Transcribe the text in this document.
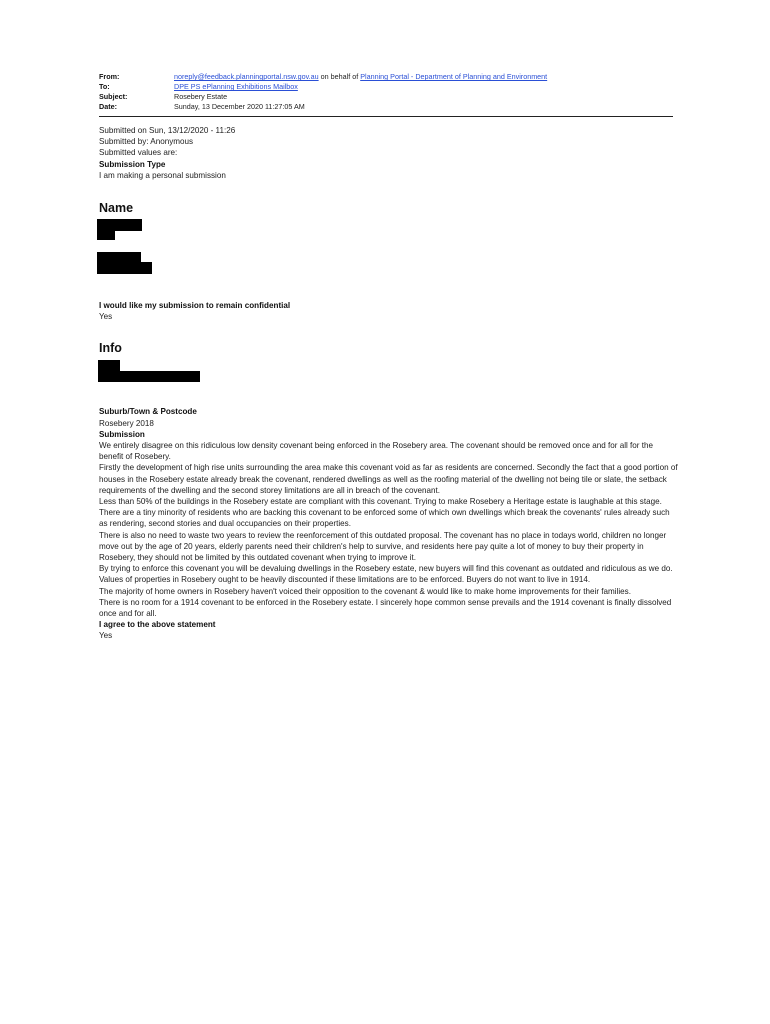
From:	noreply@feedback.planningportal.nsw.gov.au on behalf of Planning Portal - Department of Planning and Environment
To:	DPE PS ePlanning Exhibitions Mailbox
Subject:	Rosebery Estate
Date:	Sunday, 13 December 2020 11:27:05 AM

Submitted on Sun, 13/12/2020 - 11:26

Submitted by: Anonymous

Submitted values are:

Submission Type

I am making a personal submission

Name

I would like my submission to remain confidential

Yes

Info

Suburb/Town & Postcode

Rosebery 2018

Submission

We entirely disagree on this ridiculous low density covenant being enforced in the Rosebery area. The covenant should be removed once and for all for the benefit of Rosebery.

Firstly the development of high rise units surrounding the area make this covenant void as far as residents are concerned. Secondly the fact that a good portion of houses in the Rosebery estate already break the covenant, rendered dwellings as well as the roofing material of the dwelling not being tile or slate, the setback requirements of the dwelling and the second storey limitations are all in breach of the covenant.

Less than 50% of the buildings in the Rosebery estate are compliant with this covenant. Trying to make Rosebery a Heritage estate is laughable at this stage.

There are a tiny minority of residents who are backing this covenant to be enforced some of which own dwellings which break the covenants' rules already such as rendering, second stories and dual occupancies on their properties.

There is also no need to waste two years to review the reenforcement of this outdated proposal. The covenant has no place in todays world, children no longer move out by the age of 20 years, elderly parents need their children's help to survive, and residents here pay quite a lot of money to buy their property in Rosebery, they should not be limited by this outdated covenant when trying to improve it.

By trying to enforce this covenant you will be devaluing dwellings in the Rosebery estate, new buyers will find this covenant as outdated and ridiculous as we do. Values of properties in Rosebery ought to be heavily discounted if these limitations are to be enforced. Buyers do not want to live in 1914.

The majority of home owners in Rosebery haven't voiced their opposition to the covenant & would like to make home improvements for their families.

There is no room for a 1914 covenant to be enforced in the Rosebery estate. I sincerely hope common sense prevails and the 1914 covenant is finally dissolved once and for all.

I agree to the above statement

Yes
